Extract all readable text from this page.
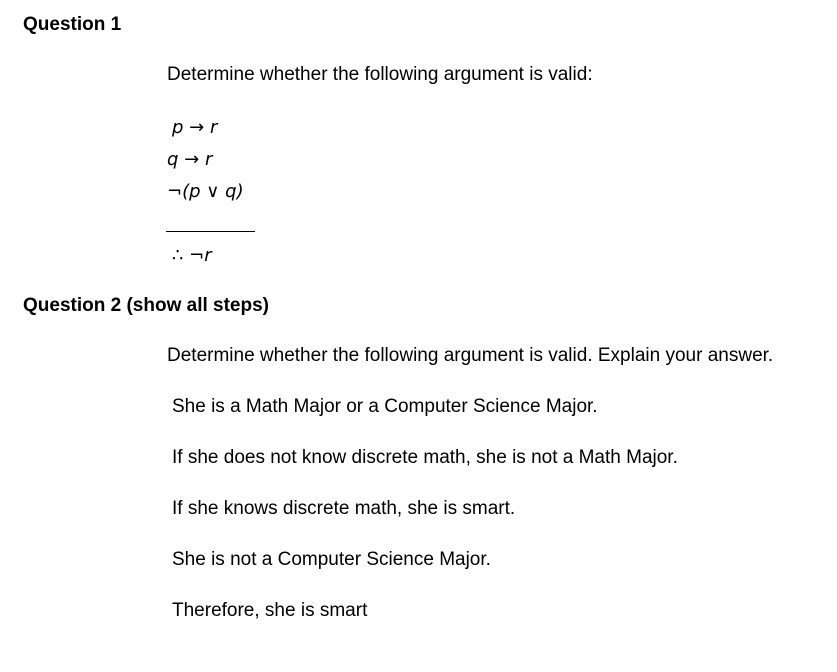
Question 1
Determine whether the following argument is valid:
p → r
q → r
¬(p ∨ q)
∴ ¬r
Question 2 (show all steps)
Determine whether the following argument is valid. Explain your answer.
She is a Math Major or a Computer Science Major.
If she does not know discrete math, she is not a Math Major.
If she knows discrete math, she is smart.
She is not a Computer Science Major.
Therefore, she is smart
